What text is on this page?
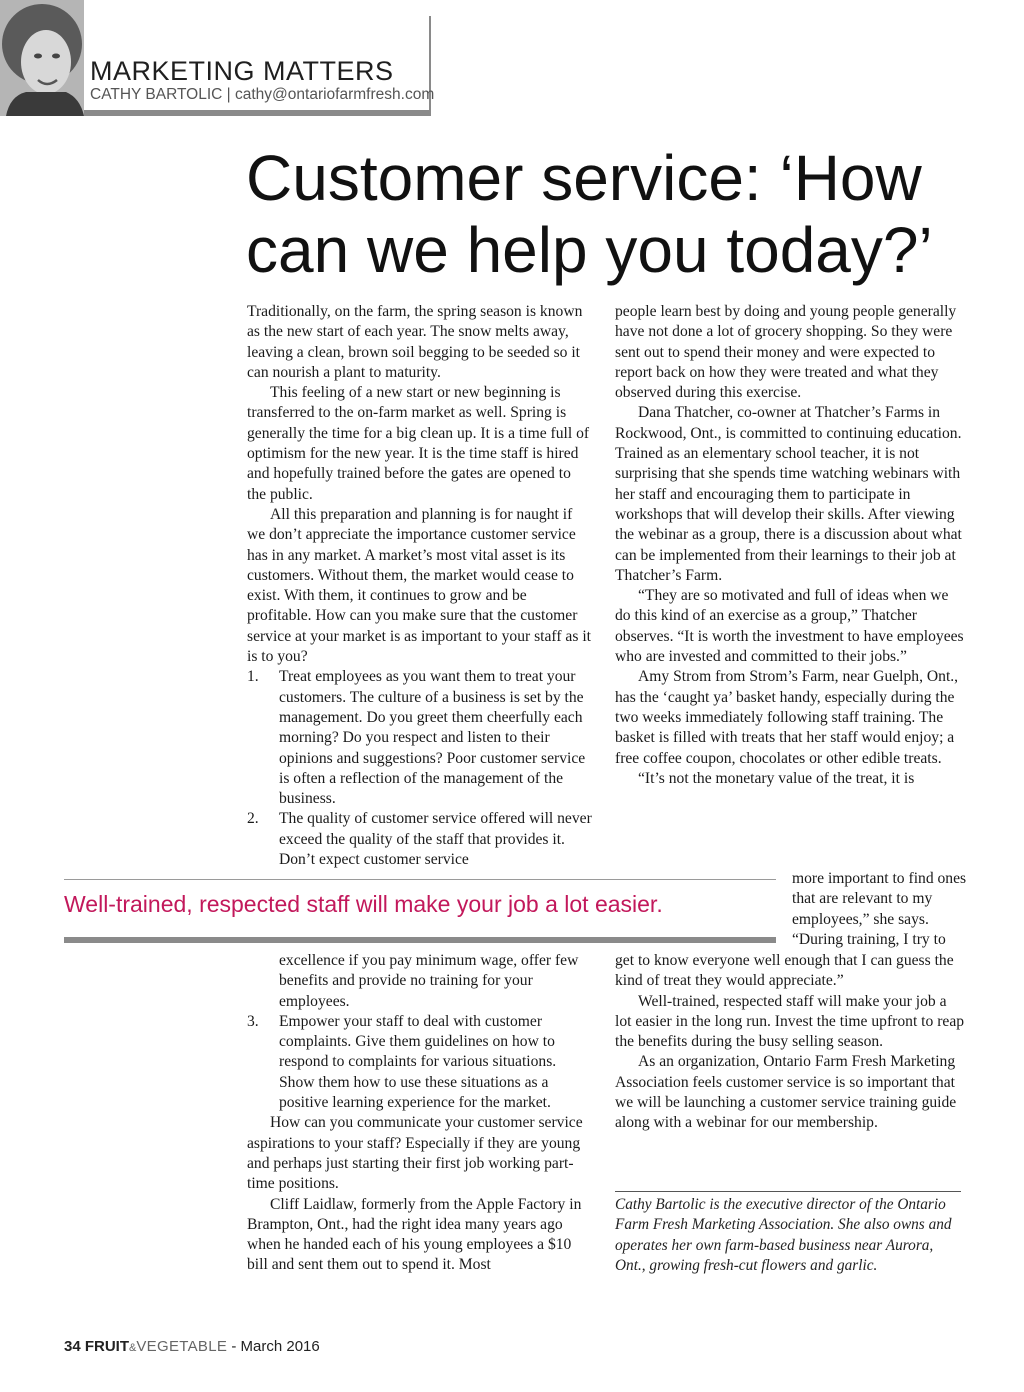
MARKETING MATTERS
CATHY BARTOLIC | cathy@ontariofarmfresh.com
Customer service: ‘How can we help you today?’

Traditionally, on the farm, the spring season is known as the new start of each year. The snow melts away, leaving a clean, brown soil begging to be seeded so it can nourish a plant to maturity.

This feeling of a new start or new beginning is transferred to the on-farm market as well. Spring is generally the time for a big clean up. It is a time full of optimism for the new year. It is the time staff is hired and hopefully trained before the gates are opened to the public.

All this preparation and planning is for naught if we don’t appreciate the importance customer service has in any market. A market’s most vital asset is its customers. Without them, the market would cease to exist. With them, it continues to grow and be profitable. How can you make sure that the customer service at your market is as important to your staff as it is to you?

1. Treat employees as you want them to treat your customers. The culture of a business is set by the management. Do you greet them cheerfully each morning? Do you respect and listen to their opinions and suggestions? Poor customer service is often a reflection of the management of the business.
2. The quality of customer service offered will never exceed the quality of the staff that provides it. Don’t expect customer service
Well-trained, respected staff will make your job a lot easier.
excellence if you pay minimum wage, offer few benefits and provide no training for your employees.
3. Empower your staff to deal with customer complaints. Give them guidelines on how to respond to complaints for various situations. Show them how to use these situations as a positive learning experience for the market.

How can you communicate your customer service aspirations to your staff? Especially if they are young and perhaps just starting their first job working part-time positions.

Cliff Laidlaw, formerly from the Apple Factory in Brampton, Ont., had the right idea many years ago when he handed each of his young employees a $10 bill and sent them out to spend it. Most

people learn best by doing and young people generally have not done a lot of grocery shopping. So they were sent out to spend their money and were expected to report back on how they were treated and what they observed during this exercise.

Dana Thatcher, co-owner at Thatcher’s Farms in Rockwood, Ont., is committed to continuing education. Trained as an elementary school teacher, it is not surprising that she spends time watching webinars with her staff and encouraging them to participate in workshops that will develop their skills. After viewing the webinar as a group, there is a discussion about what can be implemented from their learnings to their job at Thatcher’s Farm.

“They are so motivated and full of ideas when we do this kind of an exercise as a group,” Thatcher observes. “It is worth the investment to have employees who are invested and committed to their jobs.”

Amy Strom from Strom’s Farm, near Guelph, Ont., has the ‘caught ya’ basket handy, especially during the two weeks immediately following staff training. The basket is filled with treats that her staff would enjoy; a free coffee coupon, chocolates or other edible treats.

“It’s not the monetary value of the treat, it is

more important to find ones that are relevant to my employees,” she says. “During training, I try to

get to know everyone well enough that I can guess the kind of treat they would appreciate.”

Well-trained, respected staff will make your job a lot easier in the long run. Invest the time upfront to reap the benefits during the busy selling season.

As an organization, Ontario Farm Fresh Marketing Association feels customer service is so important that we will be launching a customer service training guide along with a webinar for our membership.

Cathy Bartolic is the executive director of the Ontario Farm Fresh Marketing Association. She also owns and operates her own farm-based business near Aurora, Ont., growing fresh-cut flowers and garlic.
34 FRUIT&VEGETABLE - March 2016
